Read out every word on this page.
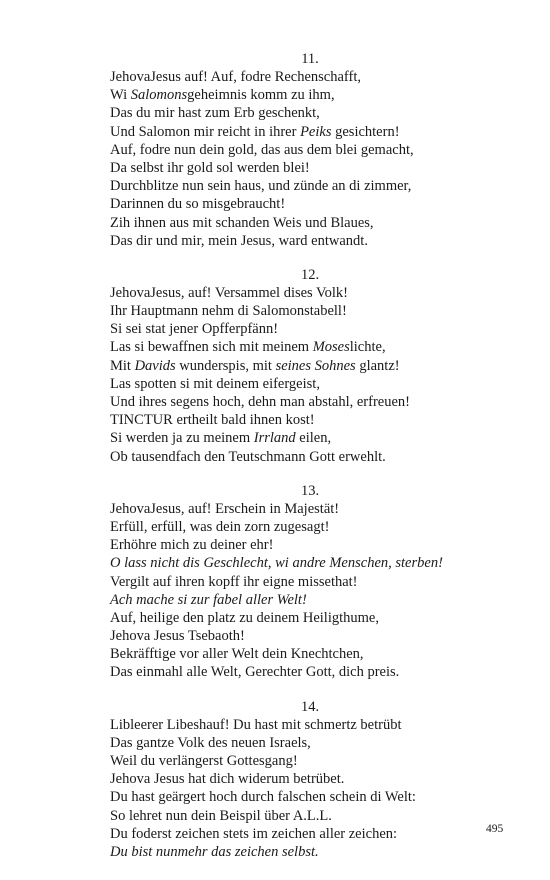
11.
JehovaJesus auf! Auf, fodre Rechenschafft,
Wi Salomonsgeheimnis komm zu ihm,
Das du mir hast zum Erb geschenkt,
Und Salomon mir reicht in ihrer Peiks gesichtern!
Auf, fodre nun dein gold, das aus dem blei gemacht,
Da selbst ihr gold sol werden blei!
Durchblitze nun sein haus, und zünde an di zimmer,
Darinnen du so misgebraucht!
Zih ihnen aus mit schanden Weis und Blaues,
Das dir und mir, mein Jesus, ward entwandt.
12.
JehovaJesus, auf! Versammel dises Volk!
Ihr Hauptmann nehm di Salomonstabell!
Si sei stat jener Opfferpfänn!
Las si bewaffnen sich mit meinem Moseslichte,
Mit Davids wunderspis, mit seines Sohnes glantz!
Las spotten si mit deinem eifergeist,
Und ihres segens hoch, dehn man abstahl, erfreuen!
TINCTUR ertheilt bald ihnen kost!
Si werden ja zu meinem Irrland eilen,
Ob tausendfach den Teutschmann Gott erwehlt.
13.
JehovaJesus, auf! Erschein in Majestät!
Erfüll, erfüll, was dein zorn zugesagt!
Erhöhre mich zu deiner ehr!
O lass nicht dis Geschlecht, wi andre Menschen, sterben!
Vergilt auf ihren kopff ihr eigne missethat!
Ach mache si zur fabel aller Welt!
Auf, heilige den platz zu deinem Heiligthume,
Jehova Jesus Tsebaoth!
Bekräfftige vor aller Welt dein Knechtchen,
Das einmahl alle Welt, Gerechter Gott, dich preis.
14.
Libleerer Libeshauf! Du hast mit schmertz betrübt
Das gantze Volk des neuen Israels,
Weil du verlängerst Gottesgang!
Jehova Jesus hat dich widerum betrübet.
Du hast geärgert hoch durch falschen schein di Welt:
So lehret nun dein Beispil über A.L.L.
Du foderst zeichen stets im zeichen aller zeichen:
Du bist nunmehr das zeichen selbst.
495
